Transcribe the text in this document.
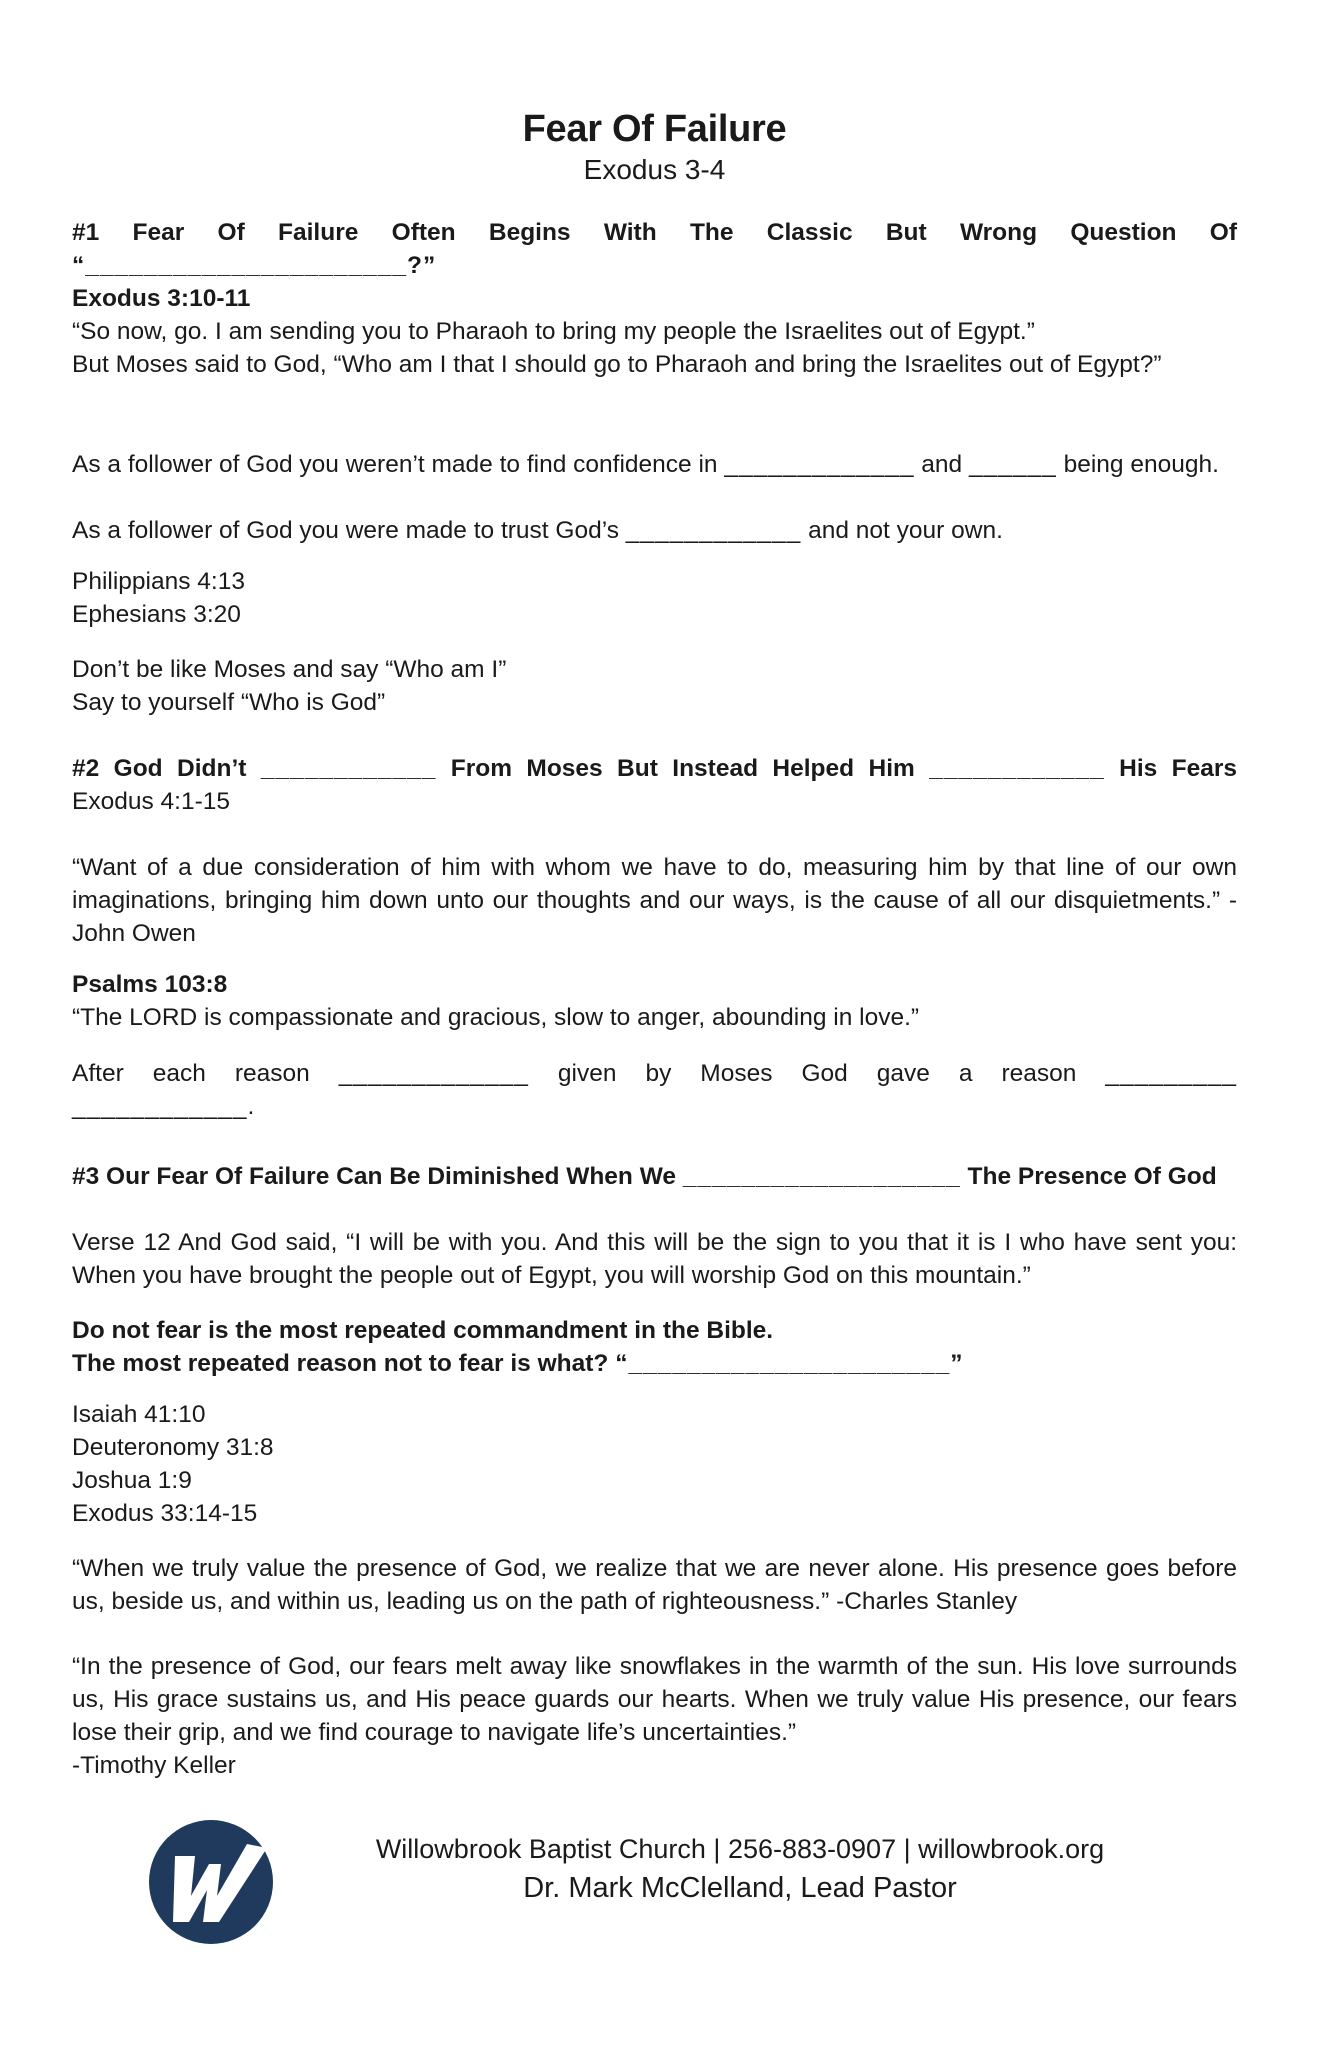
Fear Of Failure
Exodus 3-4
#1 Fear Of Failure Often Begins With The Classic But Wrong Question Of
“______________________?”
Exodus 3:10-11
“So now, go. I am sending you to Pharaoh to bring my people the Israelites out of Egypt.”
But Moses said to God, “Who am I that I should go to Pharaoh and bring the Israelites out of Egypt?”
As a follower of God you weren’t made to find confidence in _____________ and ______ being enough.
As a follower of God you were made to trust God’s ____________ and not your own.
Philippians 4:13
Ephesians 3:20
Don’t be like Moses and say “Who am I”
Say to yourself “Who is God”
#2 God Didn’t ____________ From Moses But Instead Helped Him ____________ His Fears
Exodus 4:1-15
“Want of a due consideration of him with whom we have to do, measuring him by that line of our own imaginations, bringing him down unto our thoughts and our ways, is the cause of all our disquietments.” -John Owen
Psalms 103:8
“The LORD is compassionate and gracious, slow to anger, abounding in love.”
After each reason _____________ given by Moses God gave a reason _________ ____________.
#3 Our Fear Of Failure Can Be Diminished When We ___________________ The Presence Of God
Verse 12 And God said, “I will be with you. And this will be the sign to you that it is I who have sent you: When you have brought the people out of Egypt, you will worship God on this mountain.”
Do not fear is the most repeated commandment in the Bible.
The most repeated reason not to fear is what? “______________________”
Isaiah 41:10
Deuteronomy 31:8
Joshua 1:9
Exodus 33:14-15
“When we truly value the presence of God, we realize that we are never alone. His presence goes before us, beside us, and within us, leading us on the path of righteousness.” -Charles Stanley
“In the presence of God, our fears melt away like snowflakes in the warmth of the sun. His love surrounds us, His grace sustains us, and His peace guards our hearts. When we truly value His presence, our fears lose their grip, and we find courage to navigate life’s uncertainties.”
-Timothy Keller
Willowbrook Baptist Church | 256-883-0907 | willowbrook.org
Dr. Mark McClelland, Lead Pastor
